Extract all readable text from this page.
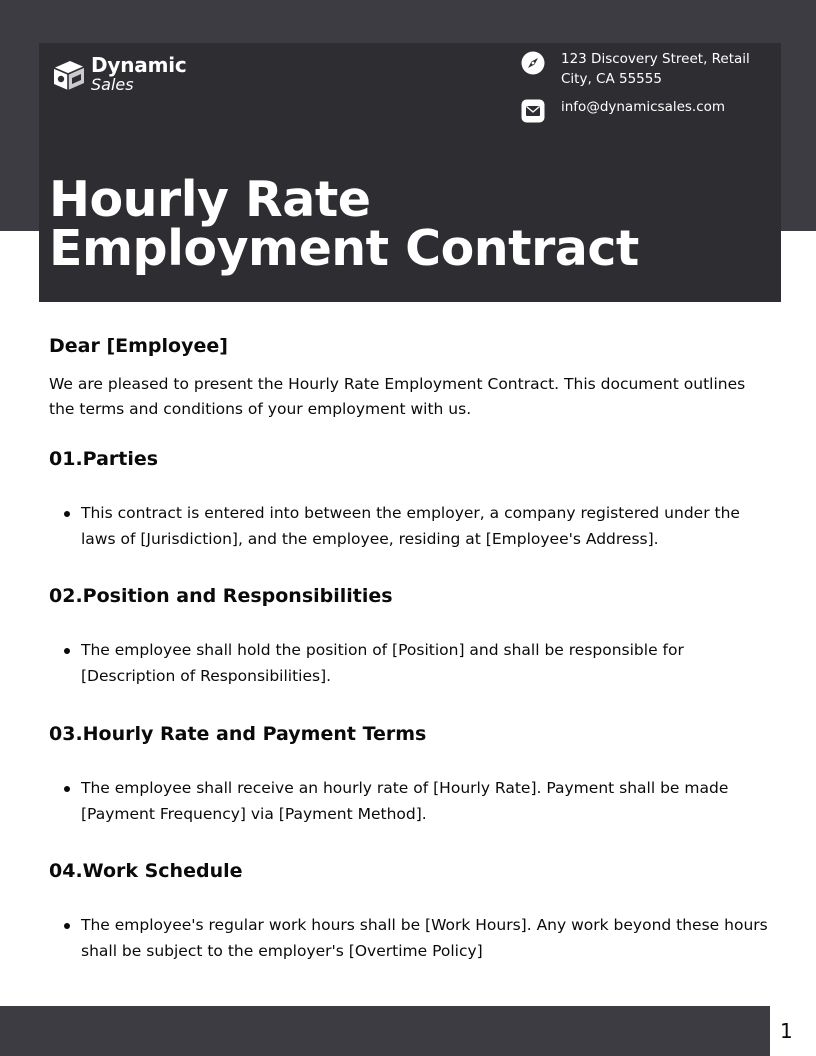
Dynamic
Sales
123 Discovery Street, Retail City, CA 55555
info@dynamicsales.com
Hourly Rate
Employment Contract
Dear [Employee]
We are pleased to present the Hourly Rate Employment Contract. This document outlines the terms and conditions of your employment with us.
01.Parties
This contract is entered into between the employer, a company registered under the laws of [Jurisdiction], and the employee, residing at [Employee's Address].
02.Position and Responsibilities
The employee shall hold the position of [Position] and shall be responsible for [Description of Responsibilities].
03.Hourly Rate and Payment Terms
The employee shall receive an hourly rate of [Hourly Rate]. Payment shall be made [Payment Frequency] via [Payment Method].
04.Work Schedule
The employee's regular work hours shall be [Work Hours]. Any work beyond these hours shall be subject to the employer's [Overtime Policy]
1
